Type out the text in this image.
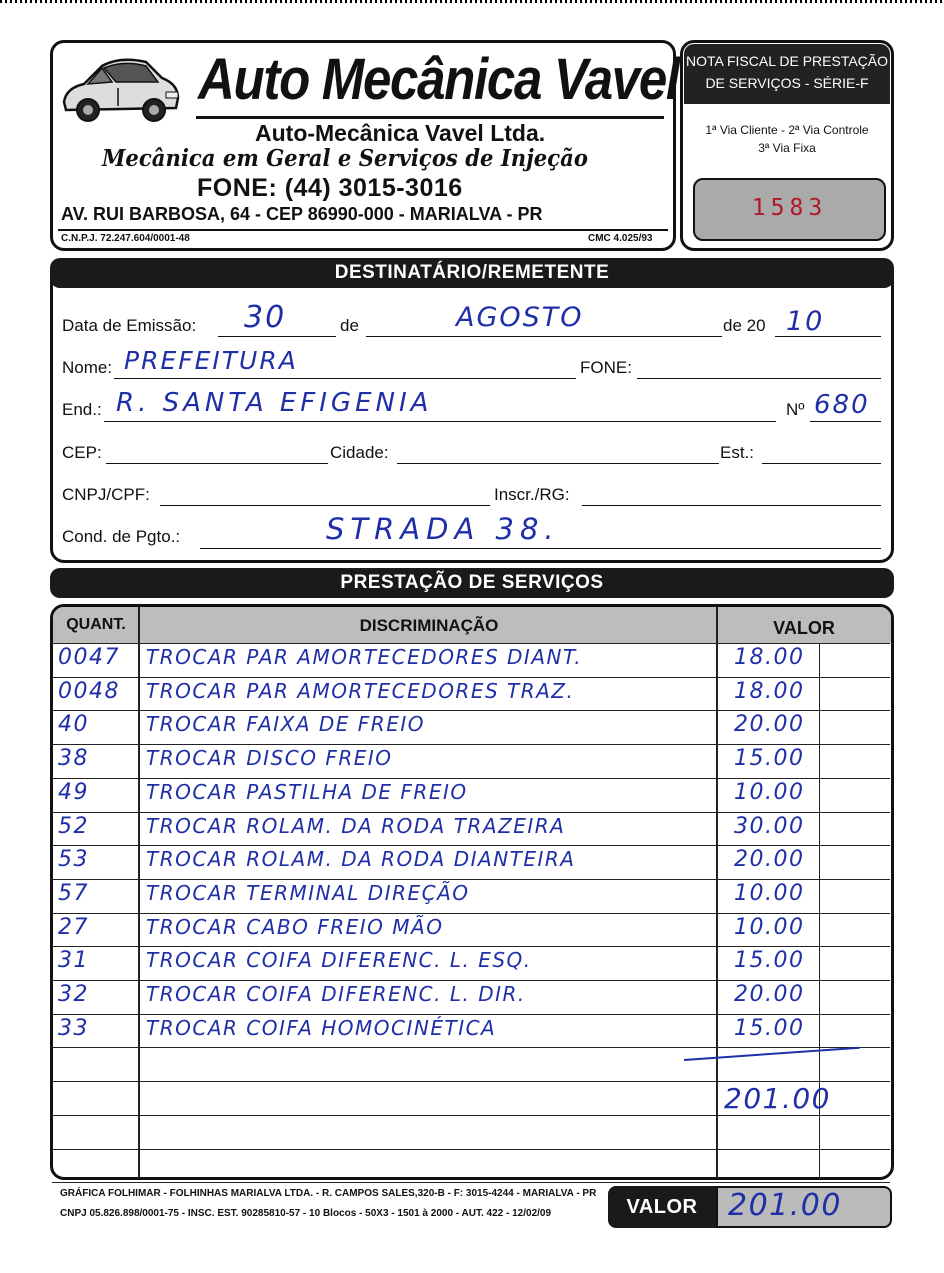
Auto Mecânica Vavel
Auto-Mecânica Vavel Ltda.
Mecânica em Geral e Serviços de Injeção
FONE: (44) 3015-3016
AV. RUI BARBOSA, 64 - CEP 86990-000 - MARIALVA - PR
C.N.P.J. 72.247.604/0001-48	CMC 4.025/93
NOTA FISCAL DE PRESTAÇÃO
DE SERVIÇOS - SÉRIE-F
1ª Via Cliente - 2ª Via Controle
3ª Via Fixa
1583
DESTINATÁRIO/REMETENTE
Data de Emissão: 30	de	AGOSTO	de 20 10
Nome: PREFEITURA	FONE:
End.: R. SANTA EFIGENIA	Nº 680
CEP:	Cidade:	Est.:
CNPJ/CPF:	Inscr./RG:
Cond. de Pgto.:	STRADA 38.
PRESTAÇÃO DE SERVIÇOS
QUANT.	DISCRIMINAÇÃO	VALOR
0047 TROCAR PAR AMORTECEDORES DIANT.	18.00
0048 TROCAR PAR AMORTECEDORES TRAZ.	18.00
40	TROCAR FAIXA DE FREIO	20.00
38	TROCAR DISCO FREIO	15.00
49	TROCAR PASTILHA DE FREIO	10.00
52	TROCAR ROLAM. DA RODA TRAZEIRA	30.00
53	TROCAR ROLAM. DA RODA DIANTEIRA	20.00
57	TROCAR TERMINAL DIREÇÃO	10.00
27	TROCAR CABO FREIO MÃO	10.00
31	TROCAR COIFA DIFERENC. L. ESQ.	15.00
32	TROCAR COIFA DIFERENC. L. DIR.	20.00
33	TROCAR COIFA HOMOCINÉTICA	15.00
201.00
GRÁFICA FOLHIMAR - FOLHINHAS MARIALVA LTDA. - R. CAMPOS SALES,320-B - F: 3015-4244 - MARIALVA - PR
CNPJ 05.826.898/0001-75 - INSC. EST. 90285810-57 - 10 Blocos - 50X3 - 1501 à 2000 - AUT. 422 - 12/02/09	VALOR	201.00
